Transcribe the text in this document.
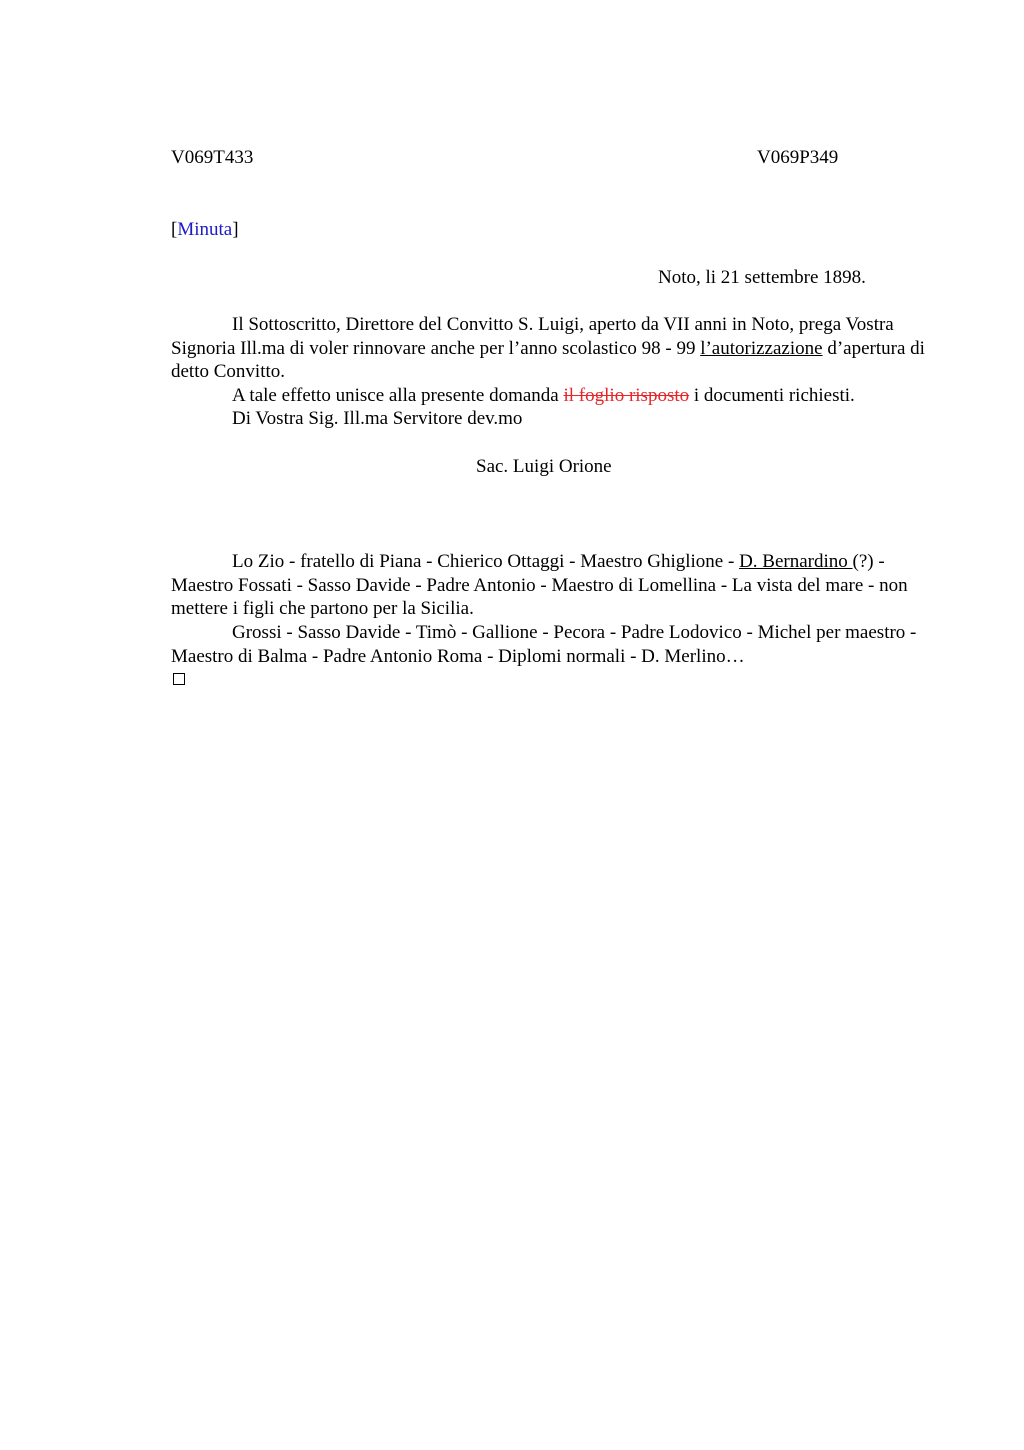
V069T433	V069P349
[Minuta]
Noto, li 21 settembre 1898.
Il Sottoscritto, Direttore del Convitto S. Luigi, aperto da VII anni in Noto, prega Vostra Signoria Ill.ma di voler rinnovare anche per l’anno scolastico 98 - 99 l’autorizzazione d’apertura di detto Convitto.
A tale effetto unisce alla presente domanda il foglio risposto i documenti richiesti.
Di Vostra Sig. Ill.ma Servitore dev.mo
Sac. Luigi Orione
Lo Zio - fratello di Piana - Chierico Ottaggi - Maestro Ghiglione - D. Bernardino (?) - Maestro Fossati - Sasso Davide - Padre Antonio - Maestro di Lomellina - La vista del mare - non mettere i figli che partono per la Sicilia.
Grossi - Sasso Davide - Timò - Gallione - Pecora - Padre Lodovico - Michel per maestro - Maestro di Balma - Padre Antonio Roma - Diplomi normali - D. Merlino…
